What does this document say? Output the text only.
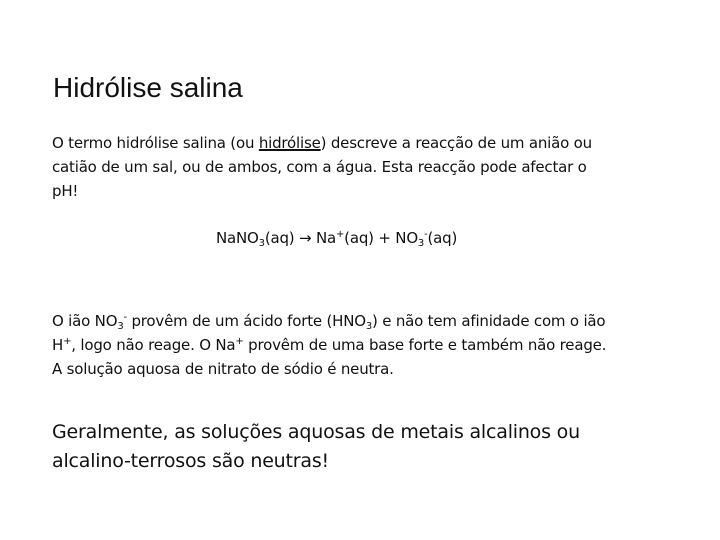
Hidrólise salina

O termo hidrólise salina (ou hidrólise) descreve a reacção de um anião ou
catião de um sal, ou de ambos, com a água. Esta reacção pode afectar o
pH!

NaNO$_3$(aq) → $Na^+(aq) + NO_3^-(aq)$

O ião $NO_3^-$ provêm de um ácido forte $(HNO_3)$ e não tem afinidade com o ião
H+, logo não reage. O Na+ provêm de uma base forte e também não reage.
A solução aquosa de nitrato de sódio é neutra.

Geralmente, as soluções aquosas de metais alcalinos ou
alcalino-terrosos são neutras!
